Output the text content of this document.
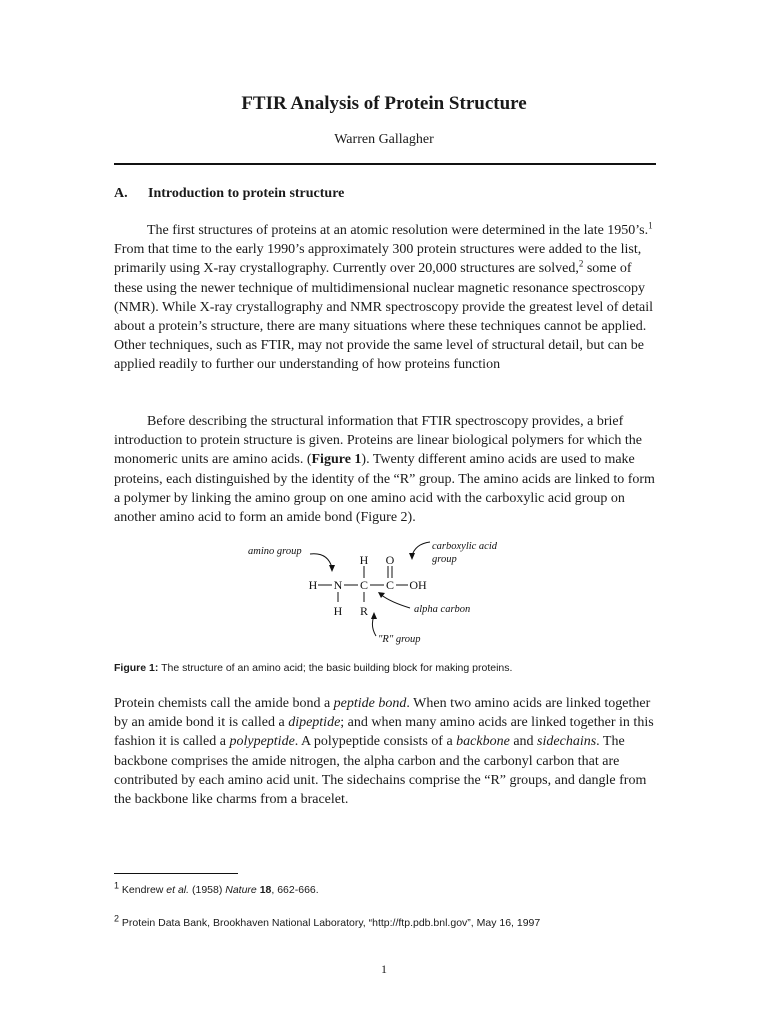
FTIR Analysis of Protein Structure
Warren Gallagher
A. Introduction to protein structure

The first structures of proteins at an atomic resolution were determined in the late 1950’s.$^1$ From that time to the early 1990’s approximately 300 protein structures were added to the list, primarily using X-ray crystallography. Currently over 20,000 structures are solved,$^2$ some of these using the newer technique of multidimensional nuclear magnetic resonance spectroscopy (NMR). While X-ray crystallography and NMR spectroscopy provide the greatest level of detail about a protein’s structure, there are many situations where these techniques cannot be applied. Other techniques, such as FTIR, may not provide the same level of structural detail, but can be applied readily to further our understanding of how proteins function

Before describing the structural information that FTIR spectroscopy provides, a brief introduction to protein structure is given. Proteins are linear biological polymers for which the monomeric units are amino acids. (Figure 1). Twenty different amino acids are used to make proteins, each distinguished by the identity of the “R” group. The amino acids are linked to form a polymer by linking the amino group on one amino acid with the carboxylic acid group on another amino acid to form an amide bond (Figure 2).

H O
H N C C OH
H R
amino group	carboxylic acid
group
alpha carbon
"R" group
Figure 1: The structure of an amino acid; the basic building block for making proteins.

Protein chemists call the amide bond a peptide bond. When two amino acids are linked together by an amide bond it is called a dipeptide; and when many amino acids are linked together in this fashion it is called a polypeptide. A polypeptide consists of a backbone and sidechains. The backbone comprises the amide nitrogen, the alpha carbon and the carbonyl carbon that are contributed by each amino acid unit. The sidechains comprise the “R” groups, and dangle from the backbone like charms from a bracelet.

$^1$ Kendrew et al. (1958) Nature 18, 662-666.
$^2$ Protein Data Bank, Brookhaven National Laboratory, “http://ftp.pdb.bnl.gov”, May 16, 1997
1
